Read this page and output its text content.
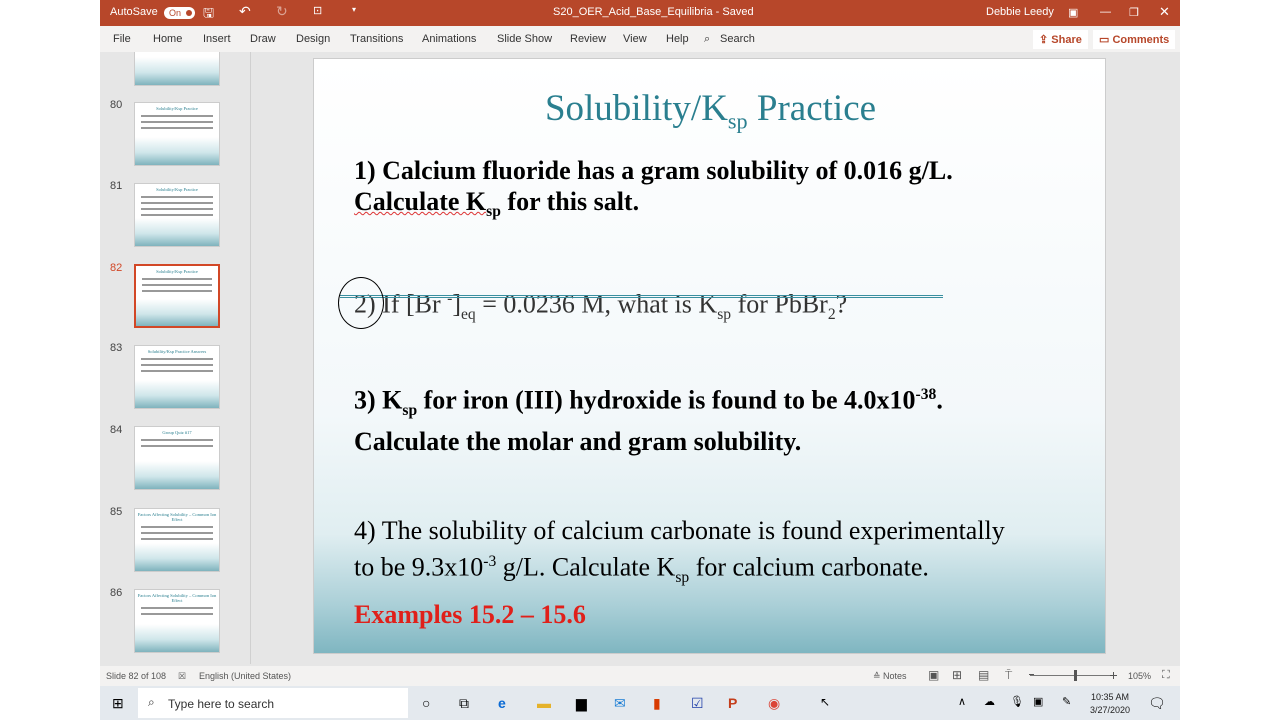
AutoSave	On	🖫 ↶ ↻ ⊡	▾	S20_OER_Acid_Base_Equilibria - Saved	Debbie Leedy ▣ — ❐ ✕
File Home Insert Draw Design Transitions Animations Slide Show Review View Help ⌕ Search	⇪ Share	▭ Comments
80	Solubility/Ksp Practice
81	Solubility/Ksp Practice
82	Solubility/Ksp Practice
83	Solubility/Ksp Practice Answers
84	Group Quiz #17
85	Factors Affecting Solubility – Common Ion Effect
86	Factors Affecting Solubility – Common Ion Effect
Solubility/$K_{sp}$ Practice
1) Calcium fluoride has a gram solubility of 0.016 g/L.
Calculate $K_{sp}$ for this salt.
2) If [Br $^-]_{eq} = 0.0236$ M, what is $K_{sp}$ for PbBr$_2$?
3) $K_{sp}$ for iron (III) hydroxide is found to be $4.0x10^{-38}$.
Calculate the molar and gram solubility.
4) The solubility of calcium carbonate is found experimentally
to be $9.3x10^{-3}$ g/L. Calculate $K_{sp}$ for calcium carbonate.
Examples 15.2 – 15.6
Slide 82 of 108 ☒ English (United States)	≙ Notes ▣ ⊞ ▤ ⍑	105% ⛶
⊞ ⌕ Type here to search	○ ⧉ e ▬ ▆ ✉ ▮ ☑ P ◉	↖	∧ ☁ 🎙 ▣ ✎ 10:35 AM
3/27/2020 🗨
